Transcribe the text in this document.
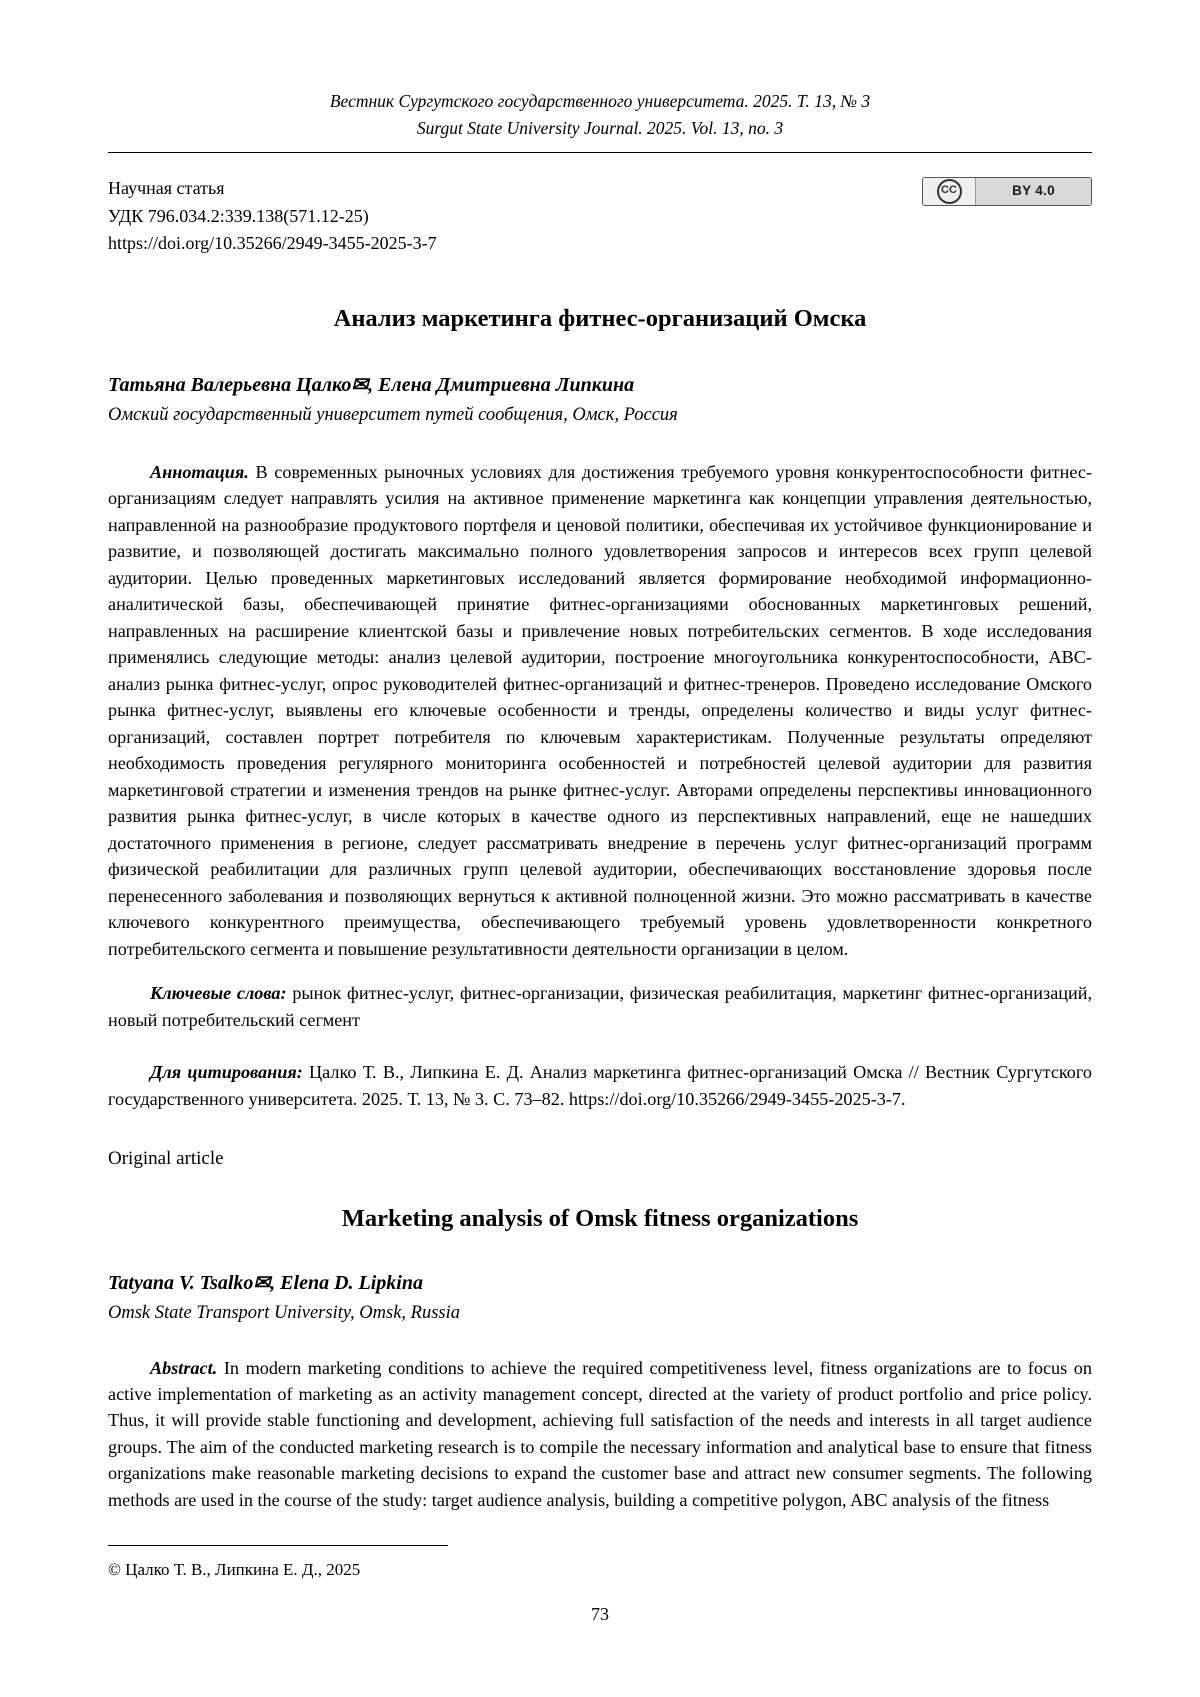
Вестник Сургутского государственного университета. 2025. Т. 13, № 3
Surgut State University Journal. 2025. Vol. 13, no. 3
Научная статья
УДК 796.034.2:339.138(571.12-25)
https://doi.org/10.35266/2949-3455-2025-3-7
CC	BY 4.0
Анализ маркетинга фитнес-организаций Омска
Татьяна Валерьевна Цалко✉, Елена Дмитриевна Липкина
Омский государственный университет путей сообщения, Омск, Россия

Аннотация. В современных рыночных условиях для достижения требуемого уровня конкурентоспособности фитнес-организациям следует направлять усилия на активное применение маркетинга как концепции управления деятельностью, направленной на разнообразие продуктового портфеля и ценовой политики, обеспечивая их устойчивое функционирование и развитие, и позволяющей достигать максимально полного удовлетворения запросов и интересов всех групп целевой аудитории. Целью проведенных маркетинговых исследований является формирование необходимой информационно-аналитической базы, обеспечивающей принятие фитнес-организациями обоснованных маркетинговых решений, направленных на расширение клиентской базы и привлечение новых потребительских сегментов. В ходе исследования применялись следующие методы: анализ целевой аудитории, построение многоугольника конкурентоспособности, ABC-анализ рынка фитнес-услуг, опрос руководителей фитнес-организаций и фитнес-тренеров. Проведено исследование Омского рынка фитнес-услуг, выявлены его ключевые особенности и тренды, определены количество и виды услуг фитнес-организаций, составлен портрет потребителя по ключевым характеристикам. Полученные результаты определяют необходимость проведения регулярного мониторинга особенностей и потребностей целевой аудитории для развития маркетинговой стратегии и изменения трендов на рынке фитнес-услуг. Авторами определены перспективы инновационного развития рынка фитнес-услуг, в числе которых в качестве одного из перспективных направлений, еще не нашедших достаточного применения в регионе, следует рассматривать внедрение в перечень услуг фитнес-организаций программ физической реабилитации для различных групп целевой аудитории, обеспечивающих восстановление здоровья после перенесенного заболевания и позволяющих вернуться к активной полноценной жизни. Это можно рассматривать в качестве ключевого конкурентного преимущества, обеспечивающего требуемый уровень удовлетворенности конкретного потребительского сегмента и повышение результативности деятельности организации в целом.

Ключевые слова: рынок фитнес-услуг, фитнес-организации, физическая реабилитация, маркетинг фитнес-организаций, новый потребительский сегмент

Для цитирования: Цалко Т. В., Липкина Е. Д. Анализ маркетинга фитнес-организаций Омска // Вестник Сургутского государственного университета. 2025. Т. 13, № 3. С. 73–82. https://doi.org/10.35266/2949-3455-2025-3-7.

Original article
Marketing analysis of Omsk fitness organizations
Tatyana V. Tsalko✉, Elena D. Lipkina
Omsk State Transport University, Omsk, Russia

Abstract. In modern marketing conditions to achieve the required competitiveness level, fitness organizations are to focus on active implementation of marketing as an activity management concept, directed at the variety of product portfolio and price policy. Thus, it will provide stable functioning and development, achieving full satisfaction of the needs and interests in all target audience groups. The aim of the conducted marketing research is to compile the necessary information and analytical base to ensure that fitness organizations make reasonable marketing decisions to expand the customer base and attract new consumer segments. The following methods are used in the course of the study: target audience analysis, building a competitive polygon, ABC analysis of the fitness

© Цалко Т. В., Липкина Е. Д., 2025
73
